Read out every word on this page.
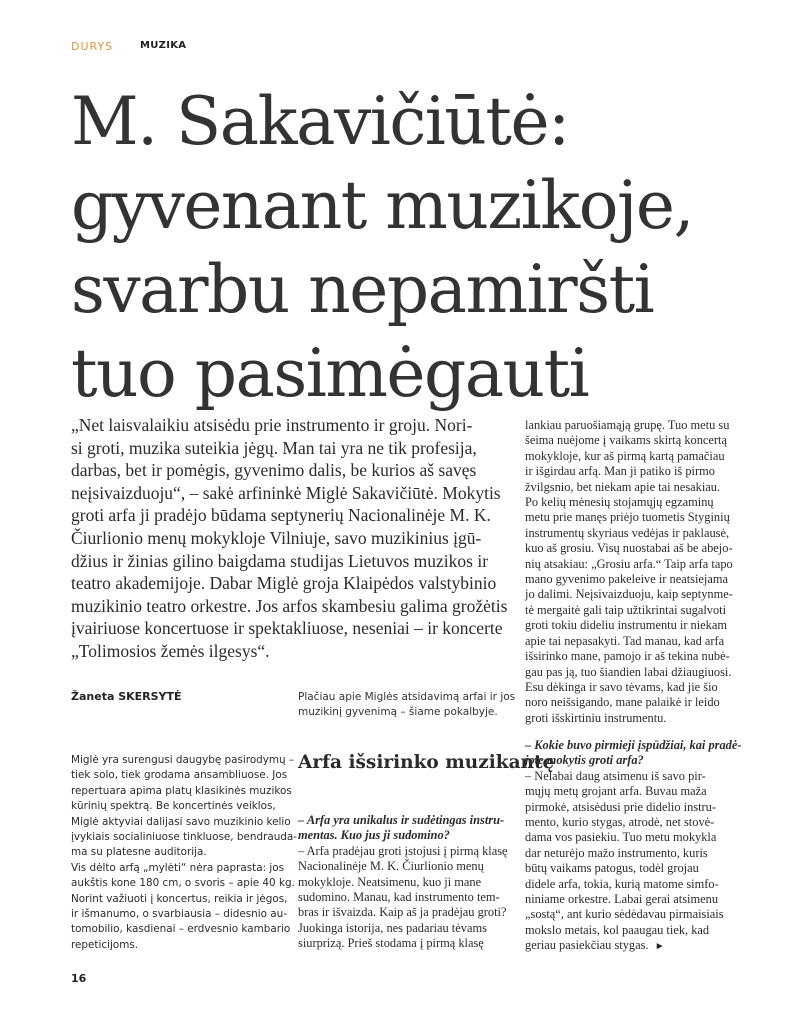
DURYS	MUZIKA
M. Sakavičiūtė:
gyvenant muzikoje,
svarbu nepamiršti
tuo pasimėgauti

„Net laisvalaikiu atsisėdu prie instrumento ir groju. Nori-
si groti, muzika suteikia jėgų. Man tai yra ne tik profesija,
darbas, bet ir pomėgis, gyvenimo dalis, be kurios aš savęs
neįsivaizduoju“, – sakė arfininkė Miglė Sakavičiūtė. Mokytis
groti arfa ji pradėjo būdama septynerių Nacionalinėje M. K.
Čiurlionio menų mokykloje Vilniuje, savo muzikinius įgū-
džius ir žinias gilino baigdama studijas Lietuvos muzikos ir
teatro akademijoje. Dabar Miglė groja Klaipėdos valstybinio
muzikinio teatro orkestre. Jos arfos skambesiu galima grožėtis
įvairiuose koncertuose ir spektakliuose, neseniai – ir koncerte
„Tolimosios žemės ilgesys“.

Žaneta SKERSYTĖ	Plačiau apie Miglės atsidavimą arfai ir jos
muzikinį gyvenimą – šiame pokalbyje.

Miglė yra surengusi daugybę pasirodymų –
tiek solo, tiek grodama ansambliuose. Jos
repertuara apima platų klasikinės muzikos
kūrinių spektrą. Be koncertinės veiklos,
Miglė aktyviai dalijasi savo muzikinio kelio
įvykiais socialiniuose tinkluose, bendrauda-
ma su platesne auditorija.
Vis dėlto arfą „mylėti“ nėra paprasta: jos
aukštis kone 180 cm, o svoris – apie 40 kg.
Norint važiuoti į koncertus, reikia ir jėgos,
ir išmanumo, o svarbiausia – didesnio au-
tomobilio, kasdienai – erdvesnio kambario
repeticijoms.

Arfa išsirinko muzikantę

– Arfa yra unikalus ir sudėtingas instru-
mentas. Kuo jus ji sudomino?
– Arfa pradėjau groti įstojusi į pirmą klasę
Nacionalinėje M. K. Čiurlionio menų
mokykloje. Neatsimenu, kuo ji mane
sudomino. Manau, kad instrumento tem-
bras ir išvaizda. Kaip aš ja pradėjau groti?
Juokinga istorija, nes padariau tėvams
siurprizą. Prieš stodama į pirmą klasę

lankiau paruošiamąją grupę. Tuo metu su
šeima nuėjome į vaikams skirtą koncertą
mokykloje, kur aš pirmą kartą pamačiau
ir išgirdau arfą. Man ji patiko iš pirmo
žvilgsnio, bet niekam apie tai nesakiau.
Po kelių mėnesių stojamųjų egzaminų
metu prie manęs priėjo tuometis Styginių
instrumentų skyriaus vedėjas ir paklausė,
kuo aš grosiu. Visų nuostabai aš be abejo-
nių atsakiau: „Grosiu arfa.“ Taip arfa tapo
mano gyvenimo pakeleive ir neatsiejama
jo dalimi. Neįsivaizduoju, kaip septynme-
tė mergaitė gali taip užtikrintai sugalvoti
groti tokiu dideliu instrumentu ir niekam
apie tai nepasakyti. Tad manau, kad arfa
išsirinko mane, pamojo ir aš tekina nubė-
gau pas ją, tuo šiandien labai džiaugiuosi.
Esu dėkinga ir savo tėvams, kad jie šio
noro neišsigando, mane palaikė ir leido
groti išskirtiniu instrumentu.

– Kokie buvo pirmieji įspūdžiai, kai pradė-
jote mokytis groti arfa?
– Nelabai daug atsimenu iš savo pir-
mųjų metų grojant arfa. Buvau maža
pirmokė, atsisėdusi prie didelio instru-
mento, kurio stygas, atrodė, net stovė-
dama vos pasiekiu. Tuo metu mokykla
dar neturėjo mažo instrumento, kuris
būtų vaikams patogus, todėl grojau
didele arfa, tokia, kurią matome simfo-
niniame orkestre. Labai gerai atsimenu
„sostą“, ant kurio sėdėdavau pirmaisiais
mokslo metais, kol paaugau tiek, kad
geriau pasiekčiau stygas. ►

16
